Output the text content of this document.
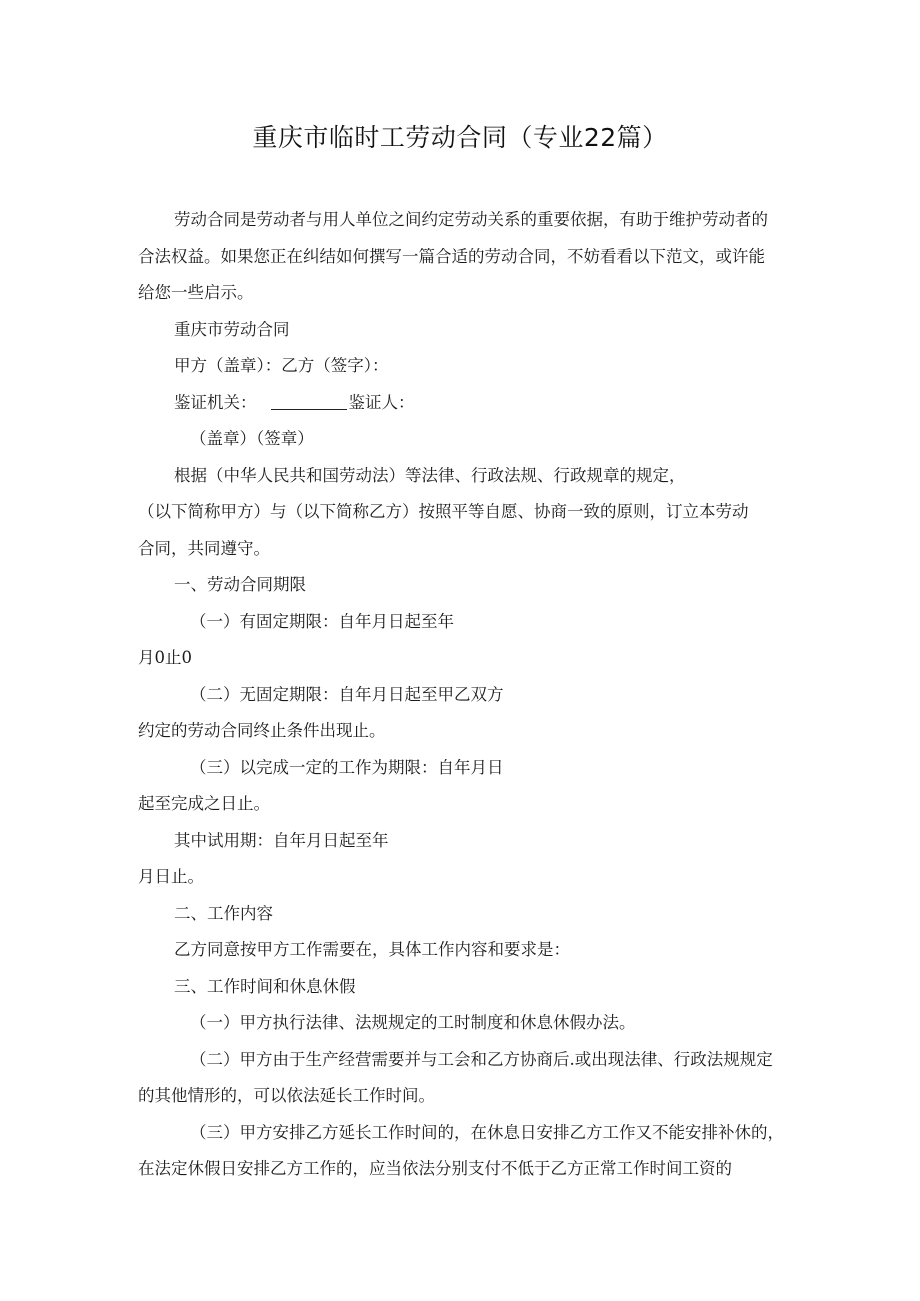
重庆市临时工劳动合同（专业22篇）

劳动合同是劳动者与用人单位之间约定劳动关系的重要依据，有助于维护劳动者的

合法权益。如果您正在纠结如何撰写一篇合适的劳动合同，不妨看看以下范文，或许能

给您一些启示。

重庆市劳动合同

甲方（盖章）：乙方（签字）：

鉴证机关：	鉴证人：

（盖章）（签章）

根据（中华人民共和国劳动法）等法律、行政法规、行政规章的规定，

（以下简称甲方）与（以下简称乙方）按照平等自愿、协商一致的原则，订立本劳动

合同，共同遵守。

一、劳动合同期限

（一）有固定期限：自年月日起至年

月0止0

（二）无固定期限：自年月日起至甲乙双方

约定的劳动合同终止条件出现止。

（三）以完成一定的工作为期限：自年月日

起至完成之日止。

其中试用期：自年月日起至年

月日止。

二、工作内容

乙方同意按甲方工作需要在，具体工作内容和要求是：

三、工作时间和休息休假

（一）甲方执行法律、法规规定的工时制度和休息休假办法。

（二）甲方由于生产经营需要并与工会和乙方协商后.或出现法律、行政法规规定

的其他情形的，可以依法延长工作时间。

（三）甲方安排乙方延长工作时间的，在休息日安排乙方工作又不能安排补休的，

在法定休假日安排乙方工作的，应当依法分别支付不低于乙方正常工作时间工资的
